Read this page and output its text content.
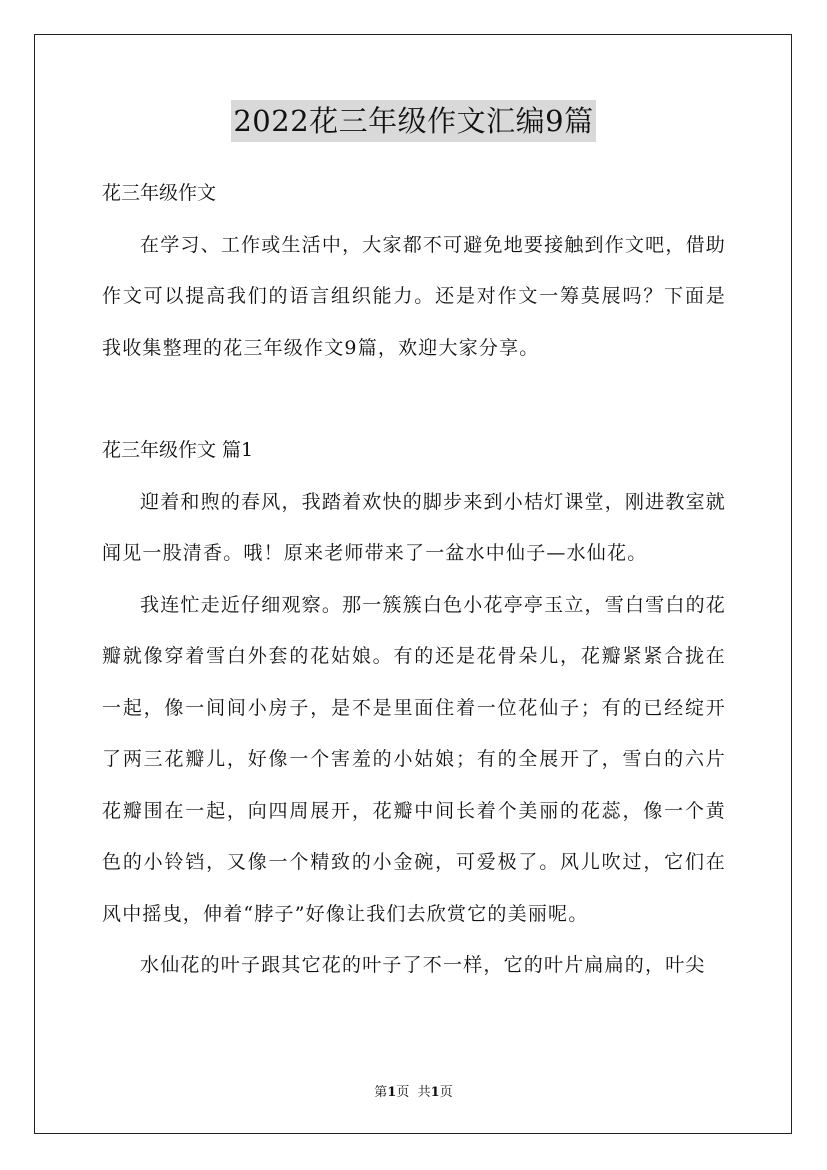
2022花三年级作文汇编9篇

花三年级作文

在学习、工作或生活中，大家都不可避免地要接触到作文吧，借助作文可以提高我们的语言组织能力。还是对作文一筹莫展吗？下面是我收集整理的花三年级作文9篇，欢迎大家分享。

花三年级作文 篇1

迎着和煦的春风，我踏着欢快的脚步来到小桔灯课堂，刚进教室就闻见一股清香。哦！原来老师带来了一盆水中仙子—水仙花。

我连忙走近仔细观察。那一簇簇白色小花亭亭玉立，雪白雪白的花瓣就像穿着雪白外套的花姑娘。有的还是花骨朵儿，花瓣紧紧合拢在一起，像一间间小房子，是不是里面住着一位花仙子；有的已经绽开了两三花瓣儿，好像一个害羞的小姑娘；有的全展开了，雪白的六片花瓣围在一起，向四周展开，花瓣中间长着个美丽的花蕊，像一个黄色的小铃铛，又像一个精致的小金碗，可爱极了。风儿吹过，它们在风中摇曳，伸着“脖子”好像让我们去欣赏它的美丽呢。

水仙花的叶子跟其它花的叶子了不一样，它的叶片扁扁的，叶尖

第1页 共1页
